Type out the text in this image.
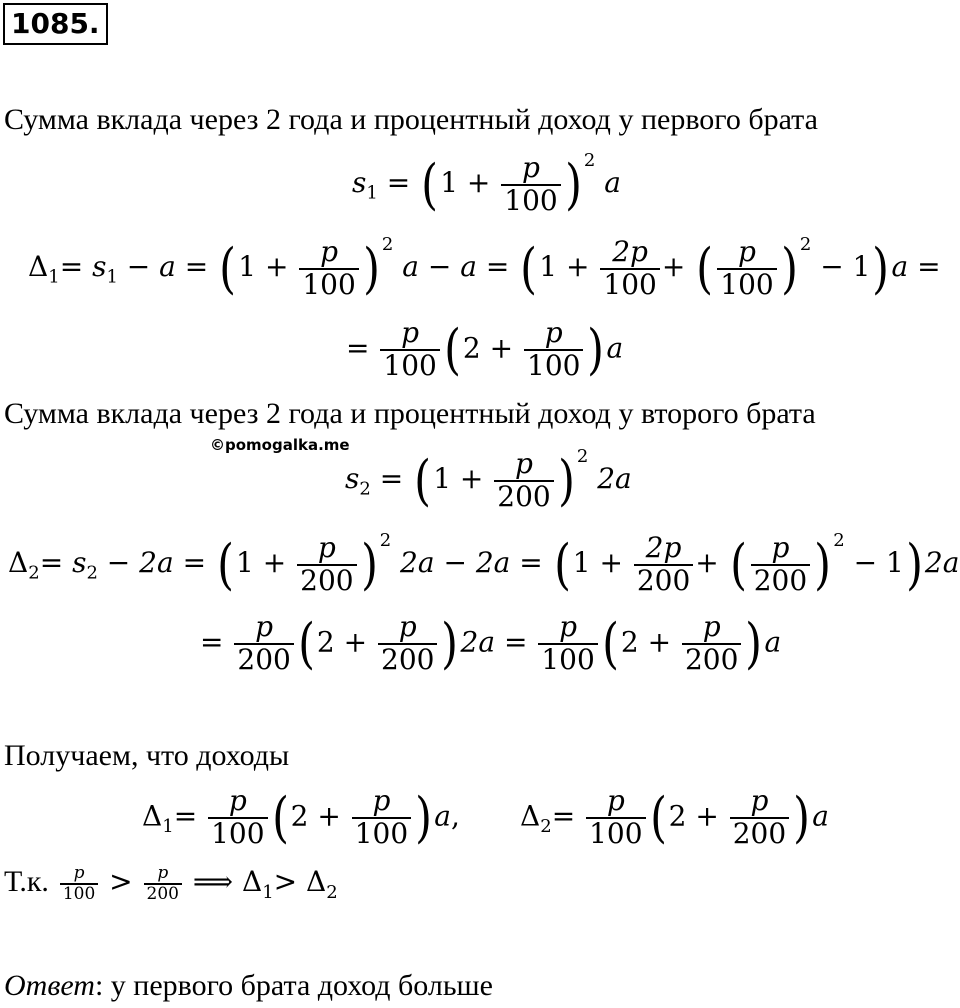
1085.
Сумма вклада через 2 года и процентный доход у первого брата
$s_1 = (1 + \frac{p}{100}$ ) $^2$ a
$\Delta_1= s_1 - a = (1 + \frac{p}{100}$ ) $^2$ $a - a = (1 + \frac{2p}{100}$ + ( $\frac{p}{100}$ ) $^2$ − 1)a =
= $\frac{p}{100} (2 + \frac{p}{100} )a$
Сумма вклада через 2 года и процентный доход у второго брата
©pomogalka.me
$s_2 = (1 + \frac{p}{200}$ ) $^2$ 2a
$\Delta_2= s_2 - 2a = (1 + \frac{p}{200}$ ) $^2$ $2a - 2a = (1 + \frac{2p}{200}$ + ( $\frac{p}{200}$ ) $^2$ − 1)2a
= $\frac{p}{200} (2 + \frac{p}{200} )2a = \frac{p}{100} (2 + \frac{p}{200} )a$
Получаем, что доходы
$\Delta_1= \frac{p}{100} (2 + \frac{p}{100} )a$, $\Delta_2= \frac{p}{100} (2 + \frac{p}{200} )a$
Т.к. $\frac{p}{100} > \frac{p}{200}$ ⟹ $\Delta_1> \Delta_2$
Ответ: у первого брата доход больше
